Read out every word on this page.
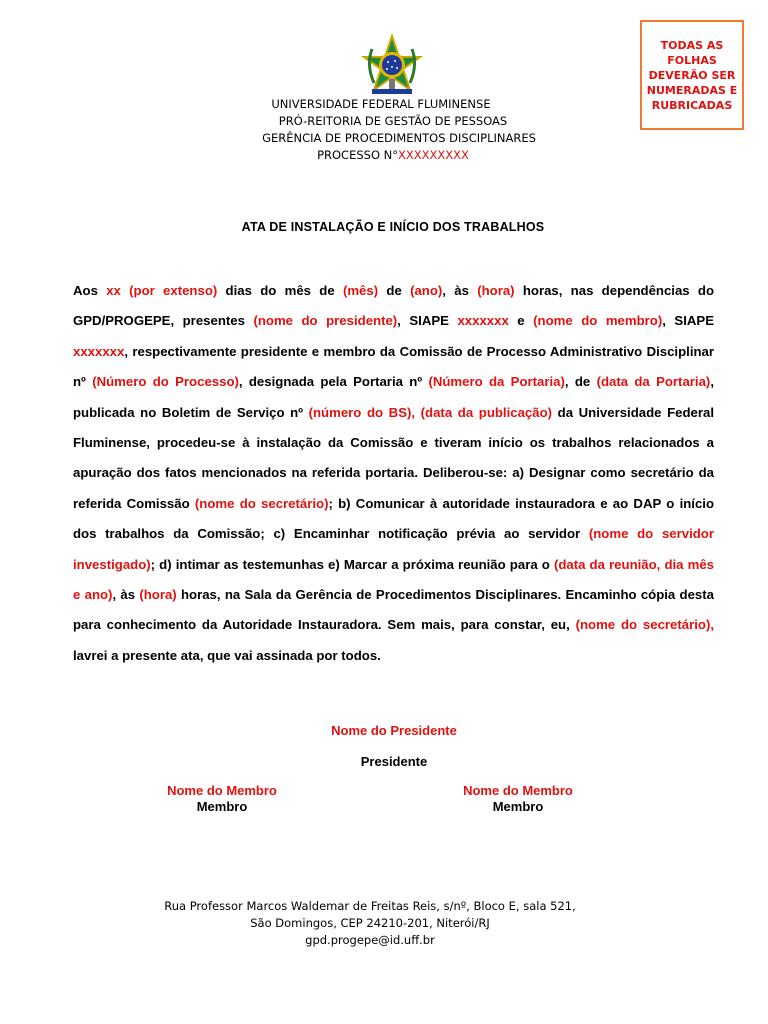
TODAS AS
FOLHAS
DEVERÃO SER
NUMERADAS E
RUBRICADAS
UNIVERSIDADE FEDERAL FLUMINENSE
PRÓ-REITORIA DE GESTÃO DE PESSOAS
GERÊNCIA DE PROCEDIMENTOS DISCIPLINARES
PROCESSO N°XXXXXXXXX
ATA DE INSTALAÇÃO E INÍCIO DOS TRABALHOS
Aos xx (por extenso) dias do mês de (mês) de (ano), às (hora) horas, nas dependências do GPD/PROGEPE, presentes (nome do presidente), SIAPE xxxxxxx e (nome do membro), SIAPE xxxxxxx, respectivamente presidente e membro da Comissão de Processo Administrativo Disciplinar nº (Número do Processo), designada pela Portaria nº (Número da Portaria), de (data da Portaria), publicada no Boletim de Serviço nº (número do BS), (data da publicação) da Universidade Federal Fluminense, procedeu-se à instalação da Comissão e tiveram início os trabalhos relacionados a apuração dos fatos mencionados na referida portaria. Deliberou-se: a) Designar como secretário da referida Comissão (nome do secretário); b) Comunicar à autoridade instauradora e ao DAP o início dos trabalhos da Comissão; c) Encaminhar notificação prévia ao servidor (nome do servidor investigado); d) intimar as testemunhas e) Marcar a próxima reunião para o (data da reunião, dia mês e ano), às (hora) horas, na Sala da Gerência de Procedimentos Disciplinares. Encaminho cópia desta para conhecimento da Autoridade Instauradora. Sem mais, para constar, eu, (nome do secretário), lavrei a presente ata, que vai assinada por todos.
Nome do Presidente
Presidente
Nome do Membro
Membro
Nome do Membro
Membro
Rua Professor Marcos Waldemar de Freitas Reis, s/nº, Bloco E, sala 521,
São Domingos, CEP 24210-201, Niterói/RJ
gpd.progepe@id.uff.br
